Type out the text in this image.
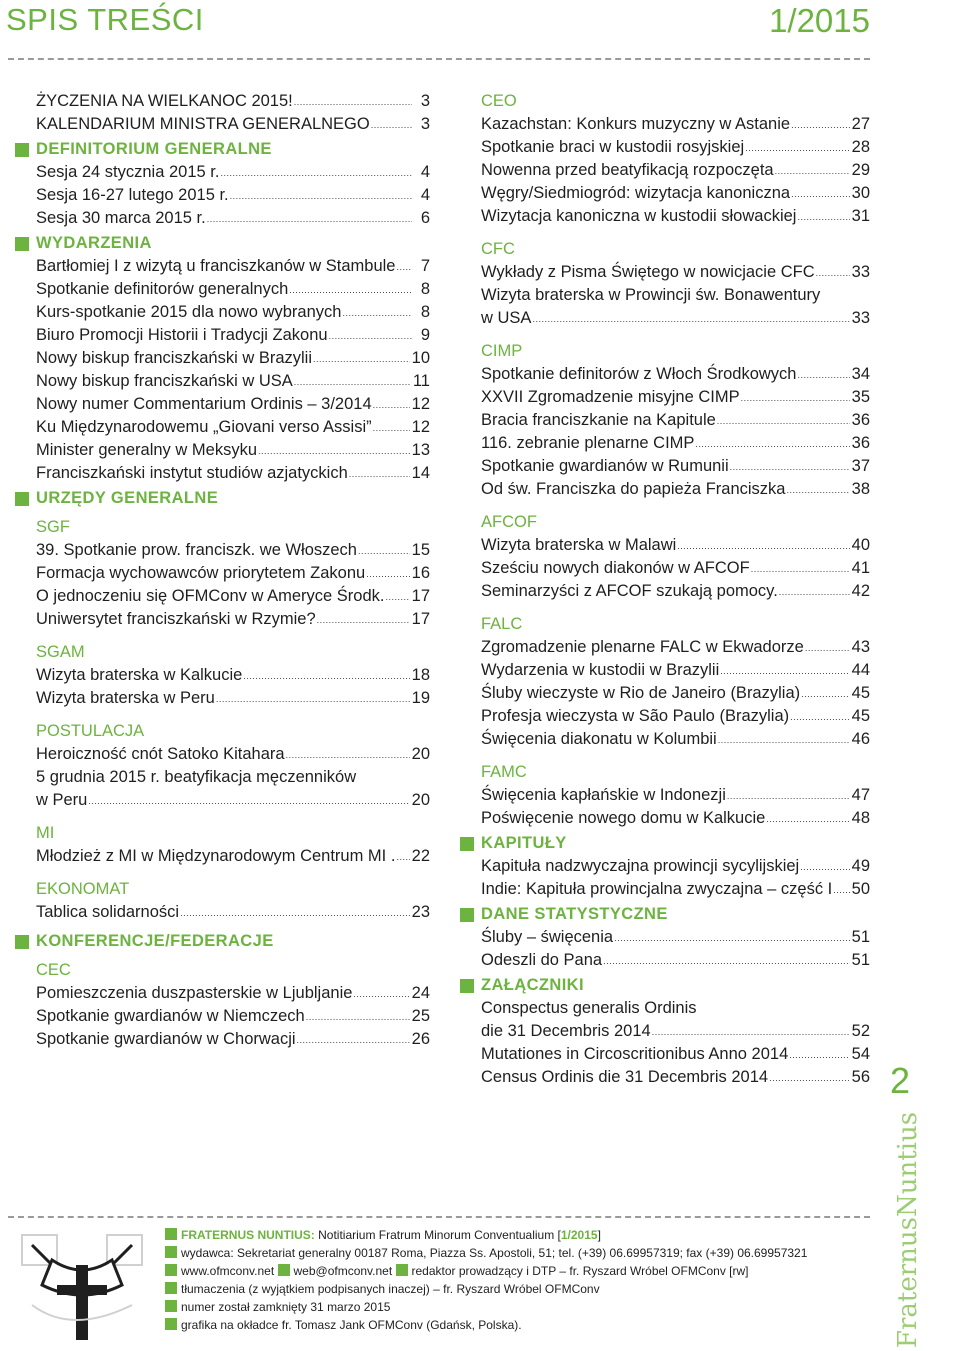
SPIS TREŚCI	1/2015
ŻYCZENIA NA WIELKANOC 2015! .....	3
KALENDARIUM MINISTRA GENERALNEGO .....	3
DEFINITORIUM GENERALNE
Sesja 24 stycznia 2015 r. .....	4
Sesja 16-27 lutego 2015 r. .....	4
Sesja 30 marca 2015 r. .....	6
WYDARZENIA
Bartłomiej I z wizytą u franciszkanów w Stambule .....	7
Spotkanie definitorów generalnych .....	8
Kurs-spotkanie 2015 dla nowo wybranych .....	8
Biuro Promocji Historii i Tradycji Zakonu .....	9
Nowy biskup franciszkański w Brazylii .....	10
Nowy biskup franciszkański w USA .....	11
Nowy numer Commentarium Ordinis – 3/2014 ..... 12
Ku Międzynarodowemu „Giovani verso Assisi” ..... 12
Minister generalny w Meksyku .....	13
Franciszkański instytut studiów azjatyckich .....	14
URZĘDY GENERALNE
SGF
39. Spotkanie prow. franciszk. we Włoszech .....	15
Formacja wychowawców priorytetem Zakonu .....	16
O jednoczeniu się OFMConv w Ameryce Środk. ..... 17
Uniwersytet franciszkański w Rzymie? .....	17
SGAM
Wizyta braterska w Kalkucie .....	18
Wizyta braterska w Peru .....	19
POSTULACJA
Heroiczność cnót Satoko Kitahara .....	20
5 grudnia 2015 r. beatyfikacja męczenników
w Peru .....	20
MI
Młodzież z MI w Międzynarodowym Centrum MI . ..... 22
EKONOMAT
Tablica solidarności .....	23
KONFERENCJE/FEDERACJE
CEC
Pomieszczenia duszpasterskie w Ljubljanie .....	24
Spotkanie gwardianów w Niemczech .....	25
Spotkanie gwardianów w Chorwacji .....	26
CEO
Kazachstan: Konkurs muzyczny w Astanie .....	27
Spotkanie braci w kustodii rosyjskiej .....	28
Nowenna przed beatyfikacją rozpoczęta .....	29
Węgry/Siedmiogród: wizytacja kanoniczna .....	30
Wizytacja kanoniczna w kustodii słowackiej .....	31
CFC
Wykłady z Pisma Świętego w nowicjacie CFC ..... 33
Wizyta braterska w Prowincji św. Bonawentury
w USA .....	33
CIMP
Spotkanie definitorów z Włoch Środkowych .....	34
XXVII Zgromadzenie misyjne CIMP .....	35
Bracia franciszkanie na Kapitule .....	36
116. zebranie plenarne CIMP .....	36
Spotkanie gwardianów w Rumunii .....	37
Od św. Franciszka do papieża Franciszka .....	38
AFCOF
Wizyta braterska w Malawi .....	40
Sześciu nowych diakonów w AFCOF .....	41
Seminarzyści z AFCOF szukają pomocy. .....	42
FALC
Zgromadzenie plenarne FALC w Ekwadorze .....	43
Wydarzenia w kustodii w Brazylii .....	44
Śluby wieczyste w Rio de Janeiro (Brazylia) .....	45
Profesja wieczysta w São Paulo (Brazylia) .....	45
Święcenia diakonatu w Kolumbii .....	46
FAMC
Święcenia kapłańskie w Indonezji .....	47
Poświęcenie nowego domu w Kalkucie .....	48
KAPITUŁY
Kapituła nadzwyczajna prowincji sycylijskiej .....	49
Indie: Kapituła prowincjalna zwyczajna – część I ..... 50
DANE STATYSTYCZNE
Śluby – święcenia .....	51
Odeszli do Pana .....	51
ZAŁĄCZNIKI
Conspectus generalis Ordinis
die 31 Decembris 2014 .....	52
Mutationes in Circoscritionibus Anno 2014 .....	54
Census Ordinis die 31 Decembris 2014 .....	56 2
FraternusNuntius
FRATERNUS NUNTIUS: Notitiarium Fratrum Minorum Conventualium [1/2015]
wydawca: Sekretariat generalny 00187 Roma, Piazza Ss. Apostoli, 51; tel. (+39) 06.69957319; fax (+39) 06.69957321
www.ofmconv.net web@ofmconv.net redaktor prowadzący i DTP – fr. Ryszard Wróbel OFMConv [rw]
tłumaczenia (z wyjątkiem podpisanych inaczej) – fr. Ryszard Wróbel OFMConv
numer został zamknięty 31 marzo 2015
grafika na okładce fr. Tomasz Jank OFMConv (Gdańsk, Polska).
